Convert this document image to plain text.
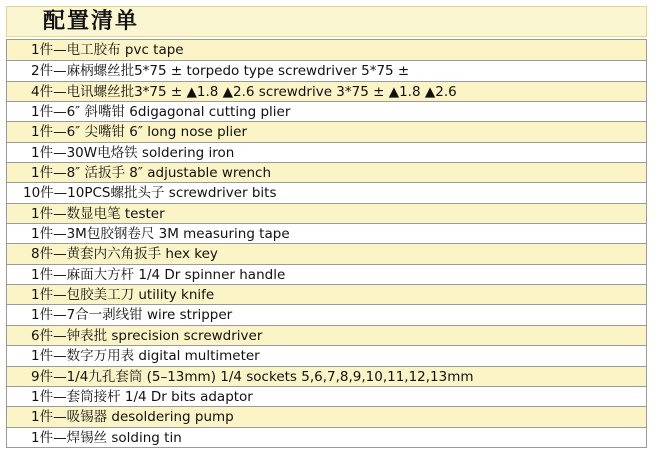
配置清单
1件—电工胶布 pvc tape
2件—麻柄螺丝批5*75 ± torpedo type screwdriver 5*75 ±
4件—电讯螺丝批3*75 ± ▲1.8 ▲2.6 screwdrive 3*75 ± ▲1.8 ▲2.6
1件—6″ 斜嘴钳 6digagonal cutting plier
1件—6″ 尖嘴钳 6″ long nose plier
1件—30W电烙铁 soldering iron
1件—8″ 活扳手 8″ adjustable wrench
10件—10PCS螺批头子 screwdriver bits
1件—数显电笔 tester
1件—3M包胶钢卷尺 3M measuring tape
8件—黄套内六角扳手 hex key
1件—麻面大方杆 1/4 Dr spinner handle
1件—包胶美工刀 utility knife
1件—7合一剥线钳 wire stripper
6件—钟表批 sprecision screwdriver
1件—数字万用表 digital multimeter
9件—1/4九孔套筒 (5–13mm) 1/4 sockets 5,6,7,8,9,10,11,12,13mm
1件—套筒接杆 1/4 Dr bits adaptor
1件—吸锡器 desoldering pump
1件—焊锡丝 solding tin
